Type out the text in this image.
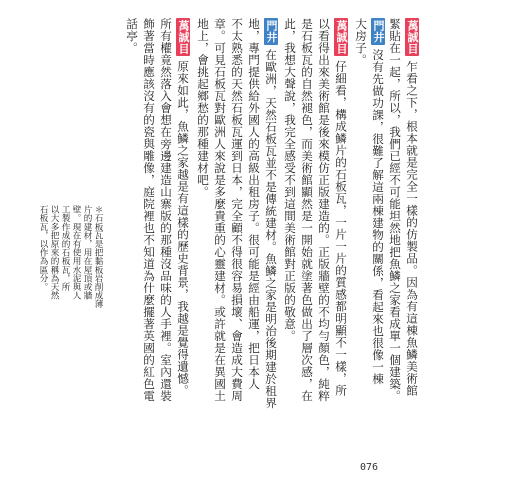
萬誠目乍看之下，根本就是完全一樣的仿製品。因為有這棟魚鱗美術館
緊貼在一起，所以，我們已經不可能坦然地把魚鱗之家看成單一個建築。
門井沒有先做功課，很難了解這兩棟建物的關係，看起來也很像一棟
大房子。
萬誠目仔細看，構成鱗片的石板瓦，一片一片的質感都明顯不一樣，所
以看得出來美術館是後來模仿正版建造的。正版牆壁的不均勻顏色，純粹
是石板瓦的自然褪色，而美術館顯然是一開始就塗著色做出了層次感，在
此，我想大聲說，我完全感受不到這間美術館對正版的敬意。
門井在歐洲，天然石板瓦並不是傳統建材。魚鱗之家是明治後期建於租界
地，專門提供給外國人的高級出租房子。很可能是經由船運，把日本人
不太熟悉的天然石板瓦運到日本，完全顧不得很容易損壞、會造成大費周
章。可見石板瓦對歐洲人來說是多麼貴重的心靈建材。或許就是在異國土
地上，會挑起鄉愁的那種建材吧。
萬誠目原來如此，魚鱗之家越是有這樣的歷史背景，我越是覺得遺憾。
所有權竟然落入會想在旁邊建造山寨版的那種沒品味的人手裡。室內還裝
飾著當時應該沒有的瓷與雕像，庭院裡也不知道為什麼擺著英國的紅色電
話亭。
＊石板瓦是把黏板岩削成薄
片的建材，用在屋頂或牆
壁。現在有使用水泥與人
工製作成的石板瓦，所
以大多把原來的稱為天然
石板瓦，以作為區分。
076
